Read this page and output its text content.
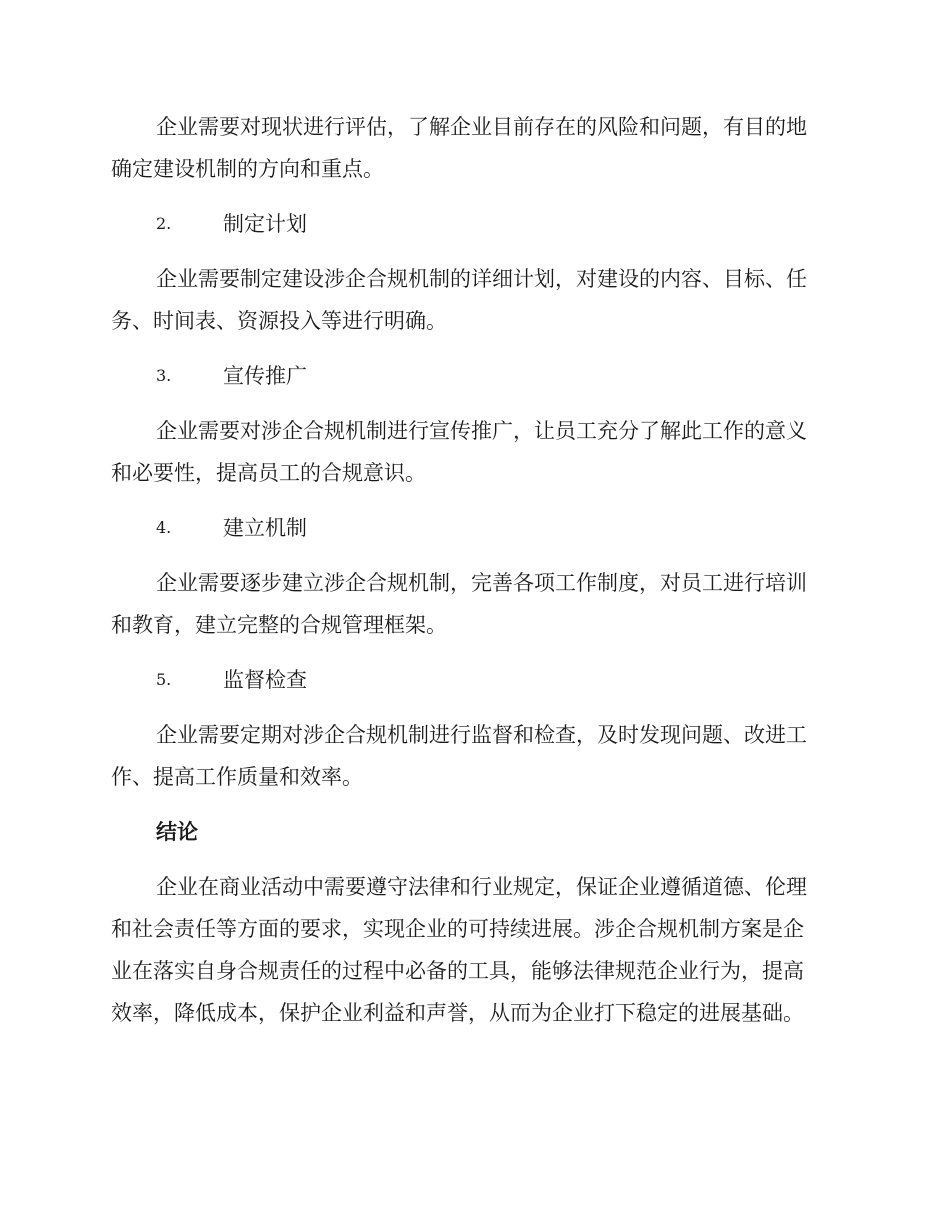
企业需要对现状进行评估，了解企业目前存在的风险和问题，有目的地
确定建设机制的方向和重点。
2. 制定计划
企业需要制定建设涉企合规机制的详细计划，对建设的内容、目标、任
务、时间表、资源投入等进行明确。
3. 宣传推广
企业需要对涉企合规机制进行宣传推广，让员工充分了解此工作的意义
和必要性，提高员工的合规意识。
4. 建立机制
企业需要逐步建立涉企合规机制，完善各项工作制度，对员工进行培训
和教育，建立完整的合规管理框架。
5. 监督检查
企业需要定期对涉企合规机制进行监督和检查，及时发现问题、改进工
作、提高工作质量和效率。
结论
企业在商业活动中需要遵守法律和行业规定，保证企业遵循道德、伦理
和社会责任等方面的要求，实现企业的可持续进展。涉企合规机制方案是企
业在落实自身合规责任的过程中必备的工具，能够法律规范企业行为，提高
效率，降低成本，保护企业利益和声誉，从而为企业打下稳定的进展基础。
